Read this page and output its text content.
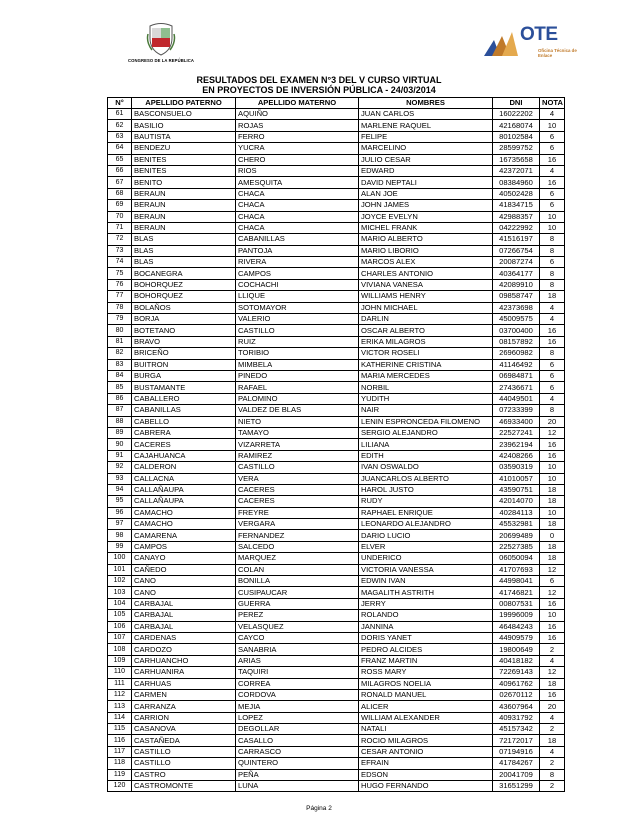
CONGRESO DE LA REPÚBLICA
OTE
Oficina Técnica de Enlace
RESULTADOS DEL EXAMEN N°3 DEL V CURSO VIRTUAL
EN PROYECTOS DE INVERSIÓN PÚBLICA - 24/03/2014
N°	APELLIDO PATERNO	APELLIDO MATERNO	NOMBRES	DNI	NOTA
61	BASCONSUELO	AQUIÑO	JUAN CARLOS	16022202	4
62	BASILIO	ROJAS	MARLENE RAQUEL	42168074	10
63	BAUTISTA	FERRO	FELIPE	80102584	6
64	BENDEZU	YUCRA	MARCELINO	28599752	6
65	BENITES	CHERO	JULIO CESAR	16735658	16
66	BENITES	RIOS	EDWARD	42372071	4
67	BENITO	AMESQUITA	DAVID NEPTALI	08384960	16
68	BERAUN	CHACA	ALAN JOE	40502428	6
69	BERAUN	CHACA	JOHN JAMES	41834715	6
70	BERAUN	CHACA	JOYCE EVELYN	42988357	10
71	BERAUN	CHACA	MICHEL FRANK	04222992	10
72	BLAS	CABANILLAS	MARIO ALBERTO	41516197	8
73	BLAS	PANTOJA	MARIO LIBORIO	07266754	8
74	BLAS	RIVERA	MARCOS ALEX	20087274	6
75	BOCANEGRA	CAMPOS	CHARLES ANTONIO	40364177	8
76	BOHORQUEZ	COCHACHI	VIVIANA VANESA	42089910	8
77	BOHORQUEZ	LLIQUE	WILLIAMS HENRY	09858747	18
78	BOLAÑOS	SOTOMAYOR	JOHN MICHAEL	42373698	4
79	BORJA	VALERIO	DARLIN	45009575	4
80	BOTETANO	CASTILLO	OSCAR ALBERTO	03700400	16
81	BRAVO	RUIZ	ERIKA MILAGROS	08157892	16
82	BRICEÑO	TORIBIO	VICTOR ROSELI	26960982	8
83	BUITRON	MIMBELA	KATHERINE CRISTINA	41146492	6
84	BURGA	PINEDO	MARIA MERCEDES	06984871	6
85	BUSTAMANTE	RAFAEL	NORBIL	27436671	6
86	CABALLERO	PALOMINO	YUDITH	44049501	4
87	CABANILLAS	VALDEZ DE BLAS	NAIR	07233399	8
88	CABELLO	NIETO	LENIN ESPRONCEDA FILOMENO	46933400	20
89	CABRERA	TAMAYO	SERGIO ALEJANDRO	22527241	12
90	CACERES	VIZARRETA	LILIANA	23962194	16
91	CAJAHUANCA	RAMIREZ	EDITH	42408266	16
92	CALDERON	CASTILLO	IVAN OSWALDO	03590319	10
93	CALLACNA	VERA	JUANCARLOS ALBERTO	41010057	10
94	CALLAÑAUPA	CACERES	HAROL JUSTO	43590751	18
95	CALLAÑAUPA	CACERES	RUDY	42014070	18
96	CAMACHO	FREYRE	RAPHAEL ENRIQUE	40284113	10
97	CAMACHO	VERGARA	LEONARDO ALEJANDRO	45532981	18
98	CAMARENA	FERNANDEZ	DARIO LUCIO	20699489	0
99	CAMPOS	SALCEDO	ELVER	22527385	18
100	CANAYO	MARQUEZ	UNDERICO	06050094	18
101	CAÑEDO	COLAN	VICTORIA VANESSA	41707693	12
102	CANO	BONILLA	EDWIN IVAN	44998041	6
103	CANO	CUSIPAUCAR	MAGALITH ASTRITH	41746821	12
104	CARBAJAL	GUERRA	JERRY	00807531	16
105	CARBAJAL	PEREZ	ROLANDO	19996009	10
106	CARBAJAL	VELASQUEZ	JANNINA	46484243	16
107	CARDENAS	CAYCO	DORIS YANET	44909579	16
108	CARDOZO	SANABRIA	PEDRO ALCIDES	19800649	2
109	CARHUANCHO	ARIAS	FRANZ MARTIN	40418182	4
110	CARHUANIRA	TAQUIRI	ROSS MARY	72269143	12
111	CARHUAS	CORREA	MILAGROS NOELIA	40961762	18
112	CARMEN	CORDOVA	RONALD MANUEL	02670112	16
113	CARRANZA	MEJIA	ALICER	43607964	20
114	CARRION	LOPEZ	WILLIAM ALEXANDER	40931792	4
115	CASANOVA	DEGOLLAR	NATALI	45157342	2
116	CASTAÑEDA	CASALLO	ROCIO MILAGROS	72172017	18
117	CASTILLO	CARRASCO	CESAR ANTONIO	07194916	4
118	CASTILLO	QUINTERO	EFRAIN	41784267	2
119	CASTRO	PEÑA	EDSON	20041709	8
120	CASTROMONTE	LUNA	HUGO FERNANDO	31651299	2
Página 2
